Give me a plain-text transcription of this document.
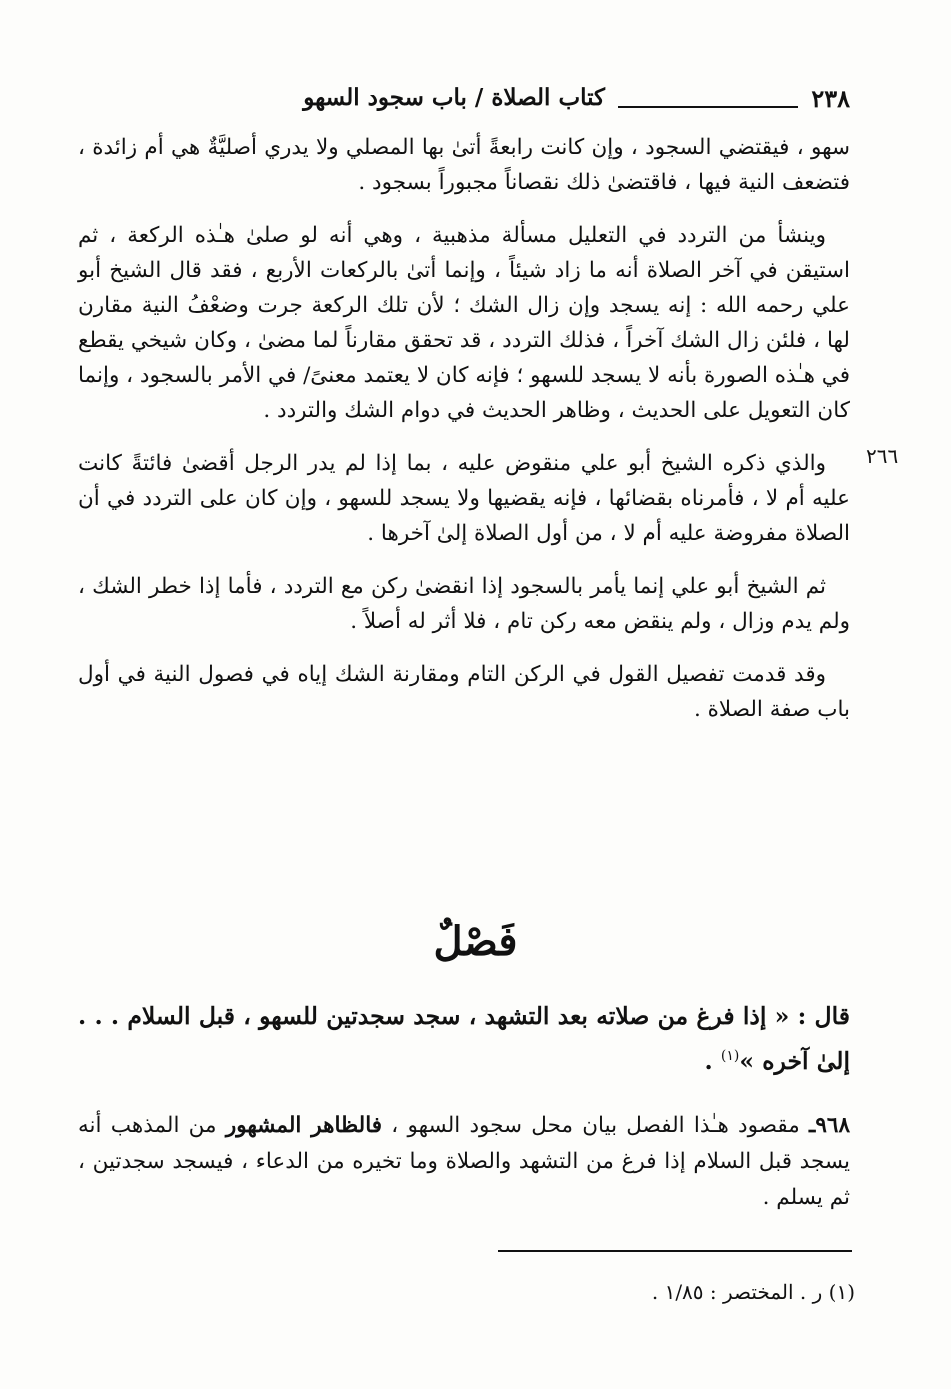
٢٣٨
كتاب الصلاة / باب سجود السهو
٢٦٦

سهو ، فيقتضي السجود ، وإن كانت رابعةً أتىٰ بها المصلي ولا يدري أصليَّةٌ هي أم زائدة ، فتضعف النية فيها ، فاقتضىٰ ذلك نقصاناً مجبوراً بسجود .

وينشأ من التردد في التعليل مسألة مذهبية ، وهي أنه لو صلىٰ هـٰذه الركعة ، ثم استيقن في آخر الصلاة أنه ما زاد شيئاً ، وإنما أتىٰ بالركعات الأربع ، فقد قال الشيخ أبو علي رحمه الله : إنه يسجد وإن زال الشك ؛ لأن تلك الركعة جرت وضعْفُ النية مقارن لها ، فلئن زال الشك آخراً ، فذلك التردد ، قد تحقق مقارناً لما مضىٰ ، وكان شيخي يقطع في هـٰذه الصورة بأنه لا يسجد للسهو ؛ فإنه كان لا يعتمد معنىً/ في الأمر بالسجود ، وإنما كان التعويل على الحديث ، وظاهر الحديث في دوام الشك والتردد .

والذي ذكره الشيخ أبو علي منقوض عليه ، بما إذا لم يدر الرجل أقضىٰ فائتةً كانت عليه أم لا ، فأمرناه بقضائها ، فإنه يقضيها ولا يسجد للسهو ، وإن كان على التردد في أن الصلاة مفروضة عليه أم لا ، من أول الصلاة إلىٰ آخرها .

ثم الشيخ أبو علي إنما يأمر بالسجود إذا انقضىٰ ركن مع التردد ، فأما إذا خطر الشك ، ولم يدم وزال ، ولم ينقض معه ركن تام ، فلا أثر له أصلاً .

وقد قدمت تفصيل القول في الركن التام ومقارنة الشك إياه في فصول النية في أول باب صفة الصلاة .

فَصْلٌ
قال : « إذا فرغ من صلاته بعد التشهد ، سجد سجدتين للسهو ، قبل السلام . . . إلىٰ آخره »$^{(١)}$ .
٩٦٨ـ مقصود هـٰذا الفصل بيان محل سجود السهو ، فالظاهر المشهور من المذهب أنه يسجد قبل السلام إذا فرغ من التشهد والصلاة وما تخيره من الدعاء ، فيسجد سجدتين ، ثم يسلم .
(١) ر . المختصر : ١/٨٥ .
